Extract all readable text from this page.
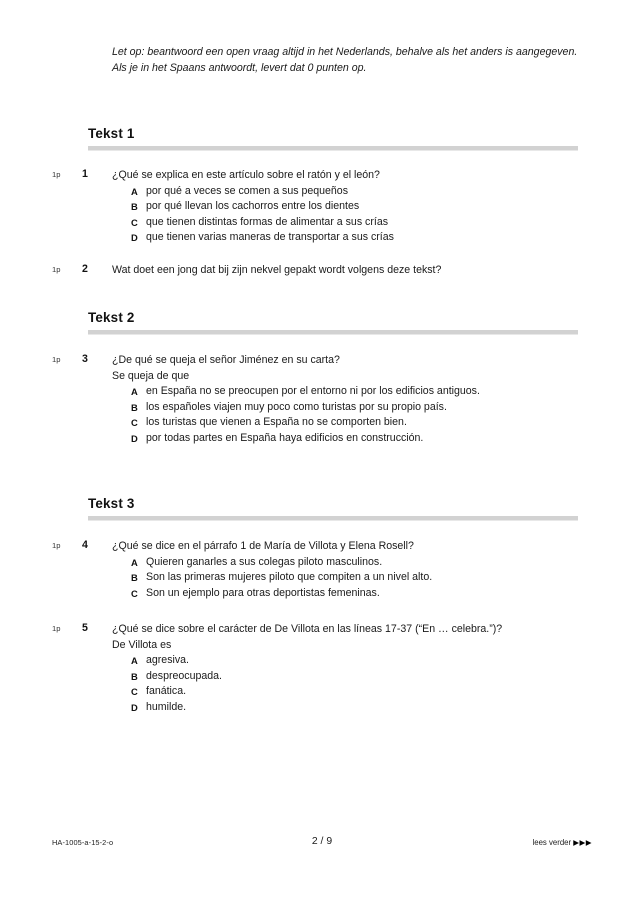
Let op: beantwoord een open vraag altijd in het Nederlands, behalve als het anders is aangegeven. Als je in het Spaans antwoordt, levert dat 0 punten op.
Tekst 1
1p	1	¿Qué se explica en este artículo sobre el ratón y el león?
A por qué a veces se comen a sus pequeños
B por qué llevan los cachorros entre los dientes
C que tienen distintas formas de alimentar a sus crías
D que tienen varias maneras de transportar a sus crías
1p	2	Wat doet een jong dat bij zijn nekvel gepakt wordt volgens deze tekst?
Tekst 2
1p	3	¿De qué se queja el señor Jiménez en su carta?
Se queja de que
A en España no se preocupen por el entorno ni por los edificios antiguos.
B los españoles viajen muy poco como turistas por su propio país.
C los turistas que vienen a España no se comporten bien.
D por todas partes en España haya edificios en construcción.
Tekst 3
1p	4	¿Qué se dice en el párrafo 1 de María de Villota y Elena Rosell?
A Quieren ganarles a sus colegas piloto masculinos.
B Son las primeras mujeres piloto que compiten a un nivel alto.
C Son un ejemplo para otras deportistas femeninas.
1p	5	¿Qué se dice sobre el carácter de De Villota en las líneas 17-37 (“En … celebra.”)?
De Villota es
A agresiva.
B despreocupada.
C fanática.
D humilde.
HA-1005-a-15-2-o	2 / 9	lees verder ▶▶▶
